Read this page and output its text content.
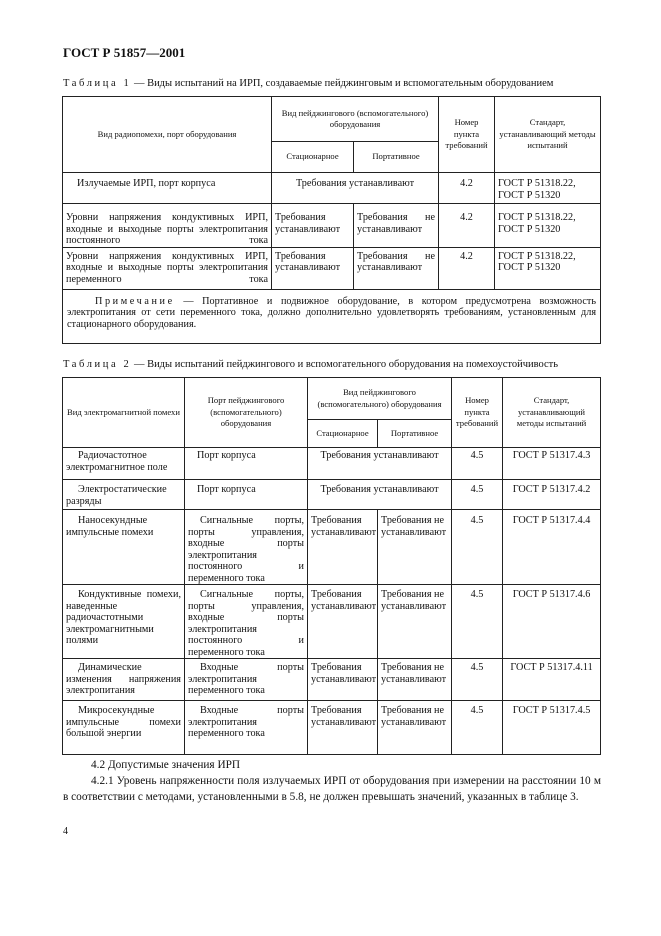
ГОСТ Р 51857—2001
Таблица 1 — Виды испытаний на ИРП, создаваемые пейджинговым и вспомогательным оборудованием
Вид радиопомехи, порт оборудования	Вид пейджингового (вспомогательного) оборудования		Номер пункта требований	Стандарт, устанавливающий методы испытаний
	Стационарное	Портативное		
Излучаемые ИРП, порт корпуса	Требования устанавливают		4.2	ГОСТ Р 51318.22, ГОСТ Р 51320
Уровни напряжения кондуктивных ИРП, входные и выходные порты электропитания постоянного тока	Требования устанавливают	Требования не устанавливают	4.2	ГОСТ Р 51318.22, ГОСТ Р 51320
Уровни напряжения кондуктивных ИРП, входные и выходные порты электропитания переменного тока	Требования устанавливают	Требования не устанавливают	4.2	ГОСТ Р 51318.22, ГОСТ Р 51320
Примечание — Портативное и подвижное оборудование, в котором предусмотрена возможность электропитания от сети переменного тока, должно дополнительно удовлетворять требованиям, установленным для стационарного оборудования.				
Таблица 2 — Виды испытаний пейджингового и вспомогательного оборудования на помехоустойчивость
Вид электромагнитной помехи	Порт пейджингового (вспомогательного) оборудования	Вид пейджингового (вспомогательного) оборудования		Номер пункта требований	Стандарт, устанавливающий методы испытаний
		Стационарное	Портативное		
Радиочастотное электромагнитное поле	Порт корпуса	Требования устанавливают		4.5	ГОСТ Р 51317.4.3
Электростатические разряды	Порт корпуса	Требования устанавливают		4.5	ГОСТ Р 51317.4.2
Наносекундные импульсные помехи	Сигнальные порты, порты управления, входные порты электропитания постоянного и переменного тока	Требования устанавливают	Требования не устанавливают	4.5	ГОСТ Р 51317.4.4
Кондуктивные помехи, наведенные радиочастотными электромагнитными полями	Сигнальные порты, порты управления, входные порты электропитания постоянного и переменного тока	Требования устанавливают	Требования не устанавливают	4.5	ГОСТ Р 51317.4.6
Динамические изменения напряжения электропитания	Входные порты электропитания переменного тока	Требования устанавливают	Требования не устанавливают	4.5	ГОСТ Р 51317.4.11
Микросекундные импульсные помехи большой энергии	Входные порты электропитания переменного тока	Требования устанавливают	Требования не устанавливают	4.5	ГОСТ Р 51317.4.5
4.2 Допустимые значения ИРП
4.2.1 Уровень напряженности поля излучаемых ИРП от оборудования при измерении на расстоянии 10 м в соответствии с методами, установленными в 5.8, не должен превышать значений, указанных в таблице 3.
4
